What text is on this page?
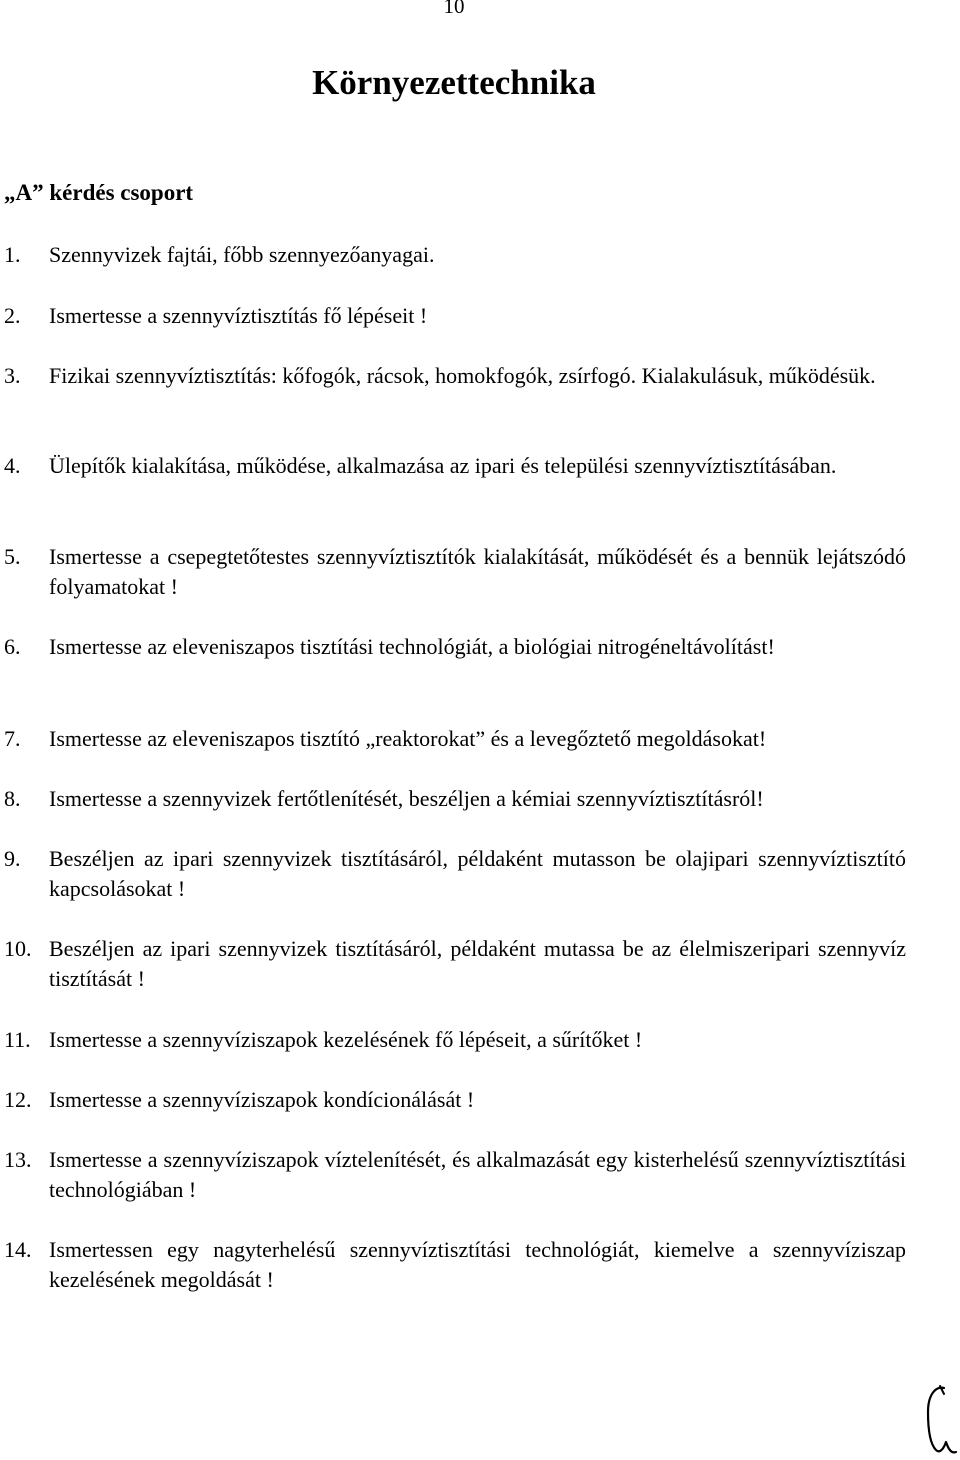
10
Környezettechnika
„A” kérdés csoport
1. Szennyvizek fajtái, főbb szennyezőanyagai.
2. Ismertesse a szennyvíztisztítás fő lépéseit !
3. Fizikai szennyvíztisztítás: kőfogók, rácsok, homokfogók, zsírfogó. Kialakulásuk, működésük.
4. Ülepítők kialakítása, működése, alkalmazása az ipari és települési szennyvíztisztításában.
5. Ismertesse a csepegtetőtestes szennyvíztisztítók kialakítását, működését és a bennük lejátszódó folyamatokat !
6. Ismertesse az eleveniszapos tisztítási technológiát, a biológiai nitrogéneltávolítást!
7. Ismertesse az eleveniszapos tisztító „reaktorokat” és a levegőztető megoldásokat!
8. Ismertesse a szennyvizek fertőtlenítését, beszéljen a kémiai szennyvíztisztításról!
9. Beszéljen az ipari szennyvizek tisztításáról, példaként mutasson be olajipari szennyvíztisztító kapcsolásokat !
10. Beszéljen az ipari szennyvizek tisztításáról, példaként mutassa be az élelmiszeripari szennyvíz tisztítását !
11. Ismertesse a szennyvíziszapok kezelésének fő lépéseit, a sűrítőket !
12. Ismertesse a szennyvíziszapok kondícionálását !
13. Ismertesse a szennyvíziszapok víztelenítését, és alkalmazását egy kisterhelésű szennyvíztisztítási technológiában !
14. Ismertessen egy nagyterhelésű szennyvíztisztítási technológiát, kiemelve a szennyvíziszap kezelésének megoldását !
